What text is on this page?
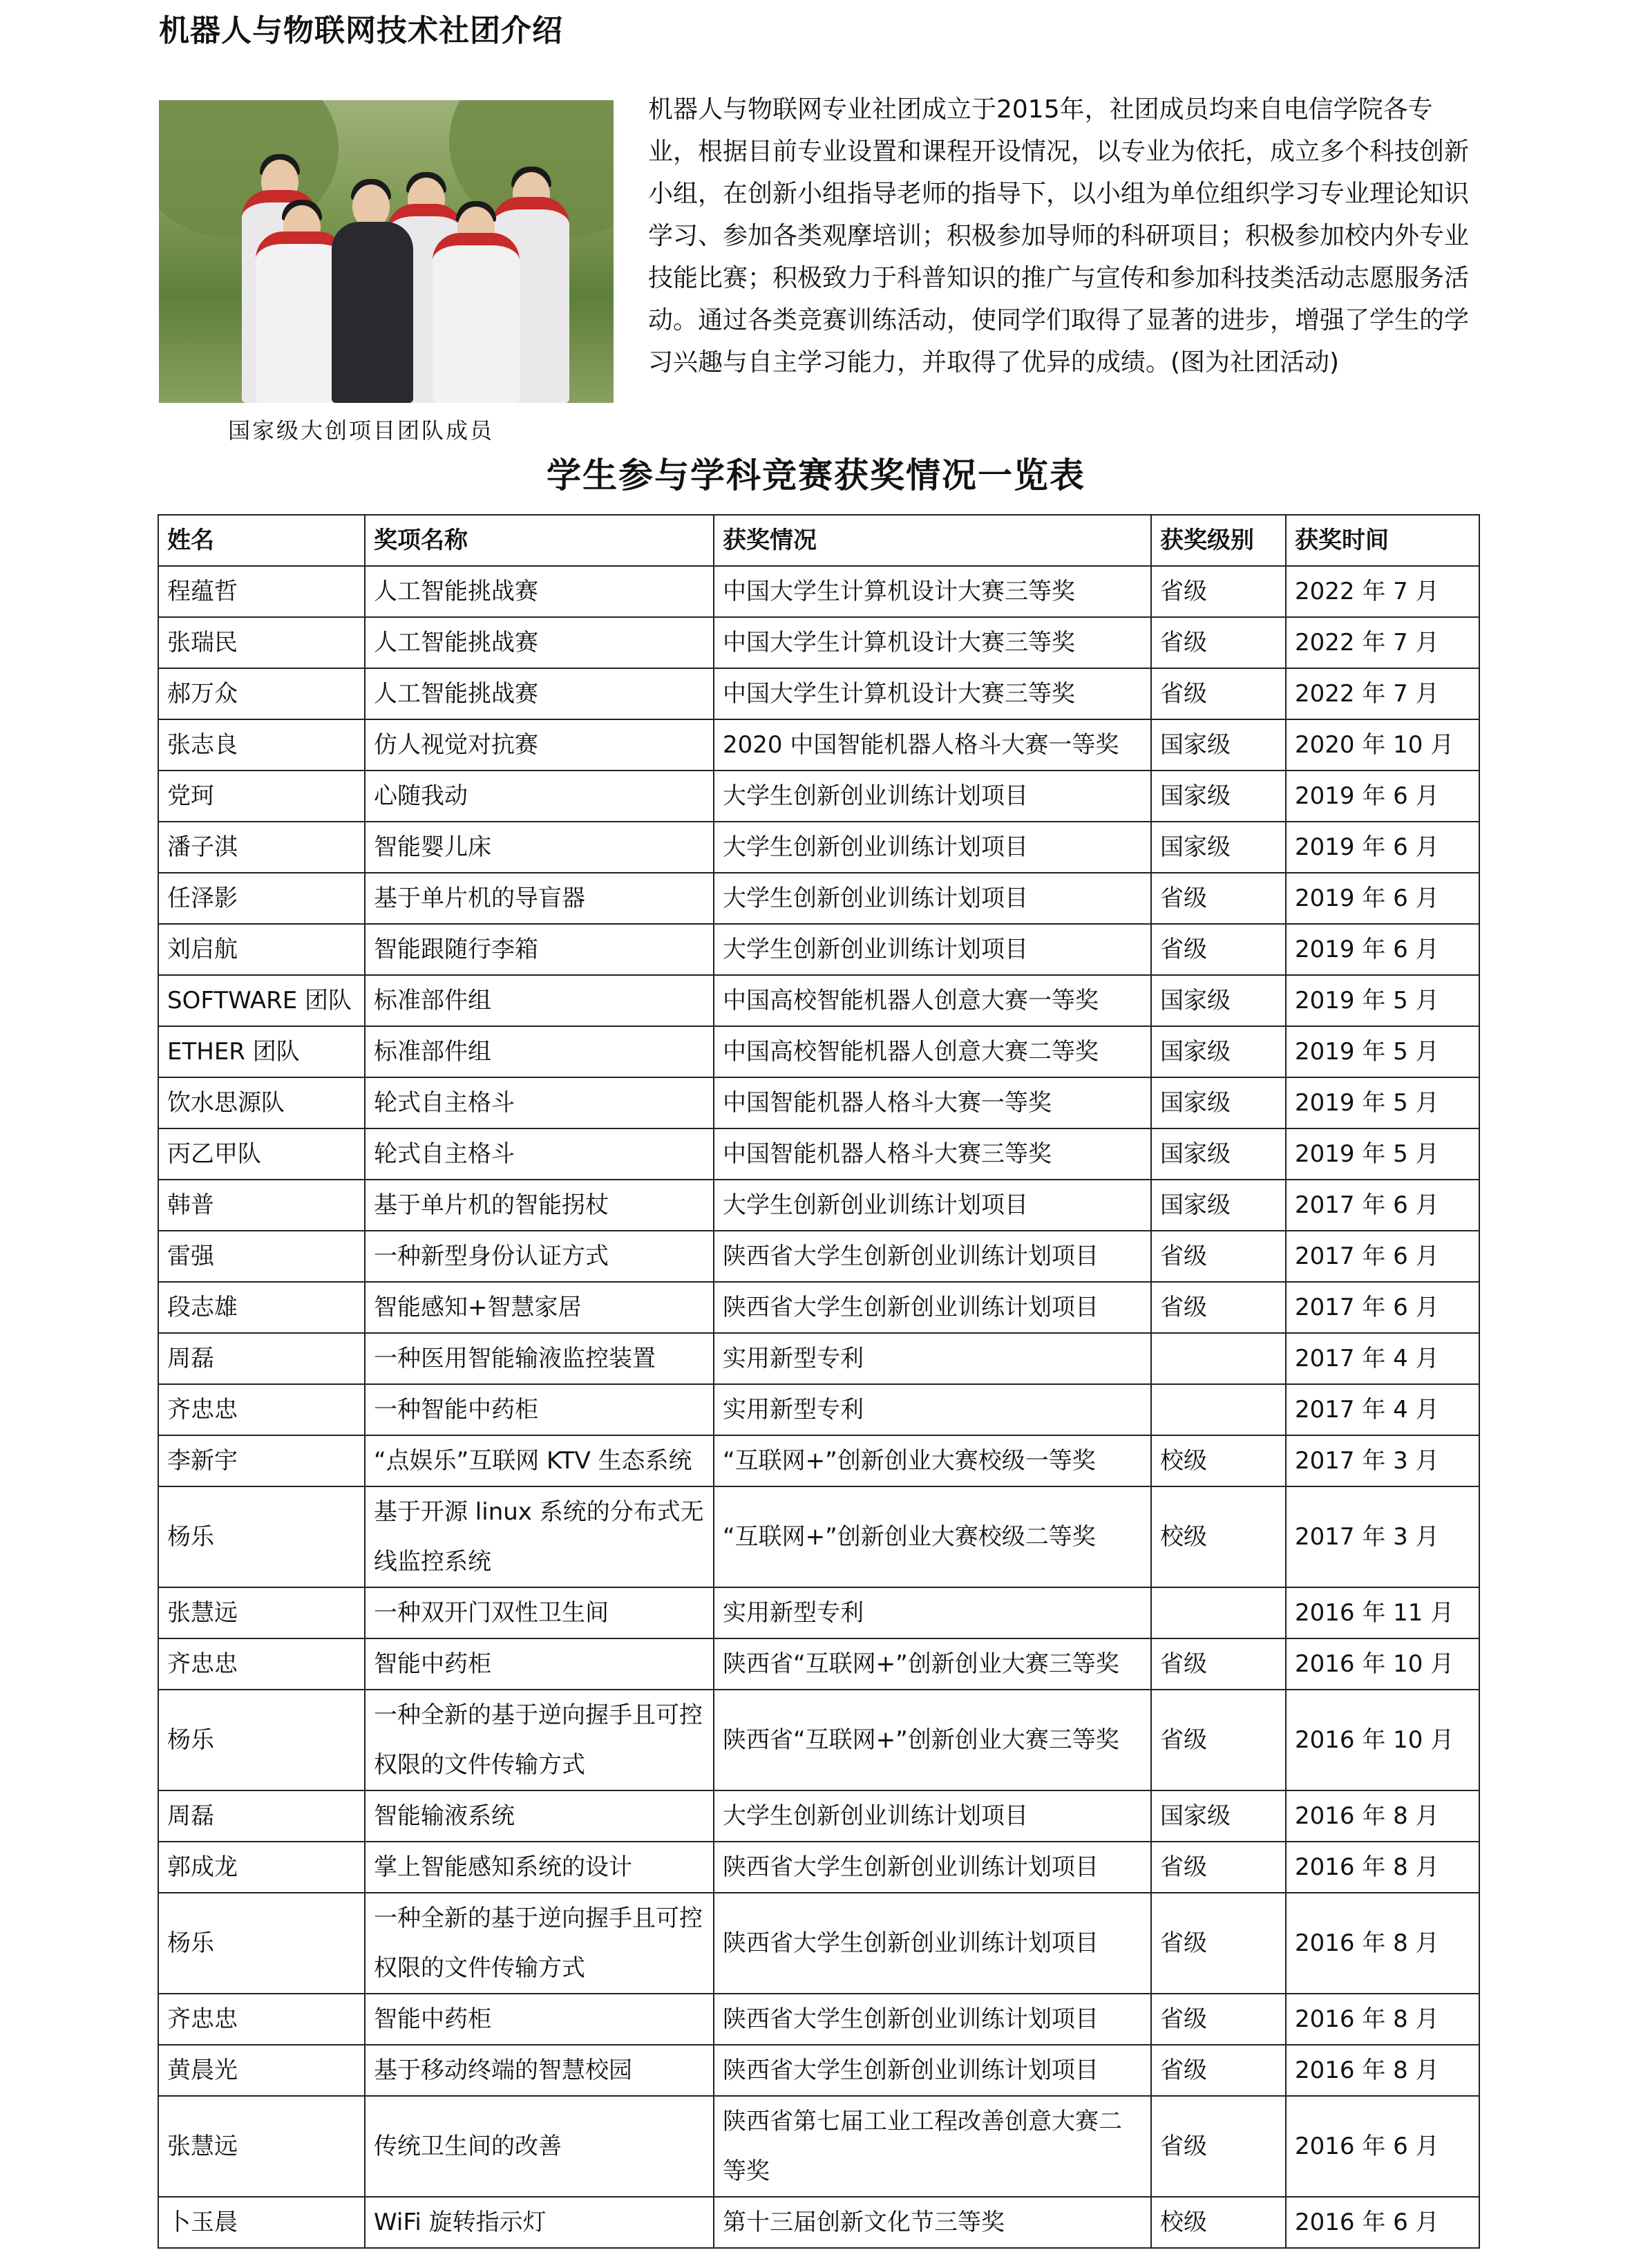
机器人与物联网技术社团介绍
国家级大创项目团队成员

机器人与物联网专业社团成立于2015年，社团成员均来自电信学院各专业，根据目前专业设置和课程开设情况，以专业为依托，成立多个科技创新小组，在创新小组指导老师的指导下，以小组为单位组织学习专业理论知识学习、参加各类观摩培训；积极参加导师的科研项目；积极参加校内外专业技能比赛；积极致力于科普知识的推广与宣传和参加科技类活动志愿服务活动。通过各类竞赛训练活动，使同学们取得了显著的进步，增强了学生的学习兴趣与自主学习能力，并取得了优异的成绩。(图为社团活动)

学生参与学科竞赛获奖情况一览表
姓名	奖项名称	获奖情况	获奖级别	获奖时间
程蕴哲	人工智能挑战赛	中国大学生计算机设计大赛三等奖	省级	2022 年 7 月
张瑞民	人工智能挑战赛	中国大学生计算机设计大赛三等奖	省级	2022 年 7 月
郝万众	人工智能挑战赛	中国大学生计算机设计大赛三等奖	省级	2022 年 7 月
张志良	仿人视觉对抗赛	2020 中国智能机器人格斗大赛一等奖	国家级	2020 年 10 月
党珂	心随我动	大学生创新创业训练计划项目	国家级	2019 年 6 月
潘子淇	智能婴儿床	大学生创新创业训练计划项目	国家级	2019 年 6 月
任泽影	基于单片机的导盲器	大学生创新创业训练计划项目	省级	2019 年 6 月
刘启航	智能跟随行李箱	大学生创新创业训练计划项目	省级	2019 年 6 月
SOFTWARE 团队	标准部件组	中国高校智能机器人创意大赛一等奖	国家级	2019 年 5 月
ETHER 团队	标准部件组	中国高校智能机器人创意大赛二等奖	国家级	2019 年 5 月
饮水思源队	轮式自主格斗	中国智能机器人格斗大赛一等奖	国家级	2019 年 5 月
丙乙甲队	轮式自主格斗	中国智能机器人格斗大赛三等奖	国家级	2019 年 5 月
韩普	基于单片机的智能拐杖	大学生创新创业训练计划项目	国家级	2017 年 6 月
雷强	一种新型身份认证方式	陕西省大学生创新创业训练计划项目	省级	2017 年 6 月
段志雄	智能感知+智慧家居	陕西省大学生创新创业训练计划项目	省级	2017 年 6 月
周磊	一种医用智能输液监控装置	实用新型专利		2017 年 4 月
齐忠忠	一种智能中药柜	实用新型专利		2017 年 4 月
李新宇	“点娱乐”互联网 KTV 生态系统	“互联网+”创新创业大赛校级一等奖	校级	2017 年 3 月
杨乐	基于开源 linux 系统的分布式无线监控系统	“互联网+”创新创业大赛校级二等奖	校级	2017 年 3 月
张慧远	一种双开门双性卫生间	实用新型专利		2016 年 11 月
齐忠忠	智能中药柜	陕西省“互联网+”创新创业大赛三等奖	省级	2016 年 10 月
杨乐	一种全新的基于逆向握手且可控权限的文件传输方式	陕西省“互联网+”创新创业大赛三等奖	省级	2016 年 10 月
周磊	智能输液系统	大学生创新创业训练计划项目	国家级	2016 年 8 月
郭成龙	掌上智能感知系统的设计	陕西省大学生创新创业训练计划项目	省级	2016 年 8 月
杨乐	一种全新的基于逆向握手且可控权限的文件传输方式	陕西省大学生创新创业训练计划项目	省级	2016 年 8 月
齐忠忠	智能中药柜	陕西省大学生创新创业训练计划项目	省级	2016 年 8 月
黄晨光	基于移动终端的智慧校园	陕西省大学生创新创业训练计划项目	省级	2016 年 8 月
张慧远	传统卫生间的改善	陕西省第七届工业工程改善创意大赛二等奖	省级	2016 年 6 月
卜玉晨	WiFi 旋转指示灯	第十三届创新文化节三等奖	校级	2016 年 6 月
